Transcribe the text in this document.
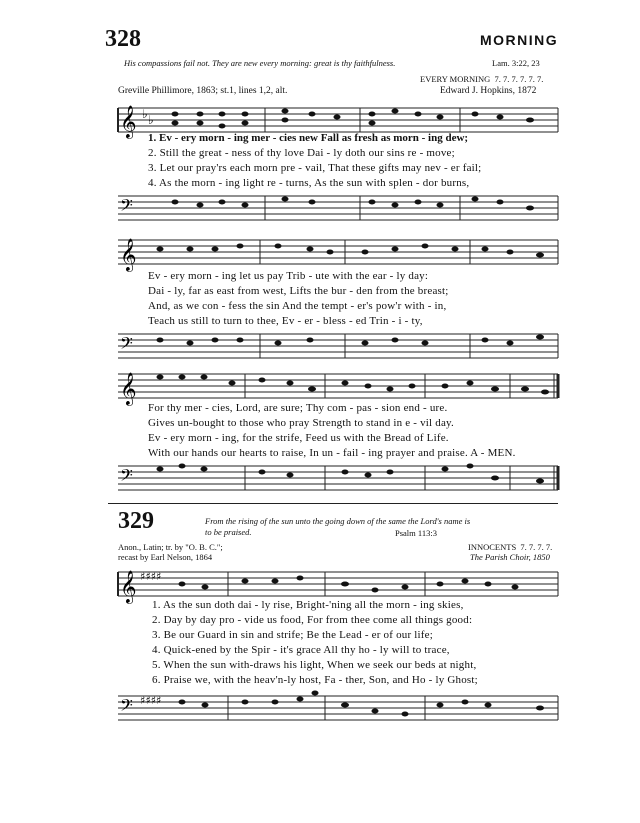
328	MORNING
His compassions fail not. They are new every morning: great is thy faithfulness.	Lam. 3:22, 23
EVERY MORNING 7. 7. 7. 7. 7. 7.
Greville Phillimore, 1863; st.1, lines 1,2, alt.	Edward J. Hopkins, 1872
𝄞 ♭ ♭
1. Ev - ery morn - ing mer - cies new Fall as fresh as morn - ing dew;
2. Still the great - ness of thy love Dai - ly doth our sins re - move;
3. Let our pray'rs each morn pre - vail, That these gifts may nev - er fail;
4. As the morn - ing light re - turns, As the sun with splen - dor burns,
𝄢
𝄞
Ev - ery morn - ing let us pay Trib - ute with the ear - ly day:
Dai - ly, far as east from west, Lifts the bur - den from the breast;
And, as we con - fess the sin And the tempt - er's pow'r with - in,
Teach us still to turn to thee, Ev - er - bless - ed Trin - i - ty,
𝄢
𝄞
For thy mer - cies, Lord, are sure; Thy com - pas - sion end - ure.
Gives un-bought to those who pray Strength to stand in e - vil day.
Ev - ery morn - ing, for the strife, Feed us with the Bread of Life.
With our hands our hearts to raise, In un - fail - ing prayer and praise. A - MEN.
𝄢
329	From the rising of the sun unto the going down of the same the Lord's name is to be praised.	Psalm 113:3
Anon., Latin; tr. by "O. B. C.";
recast by Earl Nelson, 1864
INNOCENTS 7. 7. 7. 7.
The Parish Choir, 1850
𝄞 ♯♯♯♯
1. As the sun doth dai - ly rise, Bright-'ning all the morn - ing skies,
2. Day by day pro - vide us food, For from thee come all things good:
3. Be our Guard in sin and strife; Be the Lead - er of our life;
4. Quick-ened by the Spir - it's grace All thy ho - ly will to trace,
5. When the sun with-draws his light, When we seek our beds at night,
6. Praise we, with the heav'n-ly host, Fa - ther, Son, and Ho - ly Ghost;
𝄢 ♯♯♯♯
